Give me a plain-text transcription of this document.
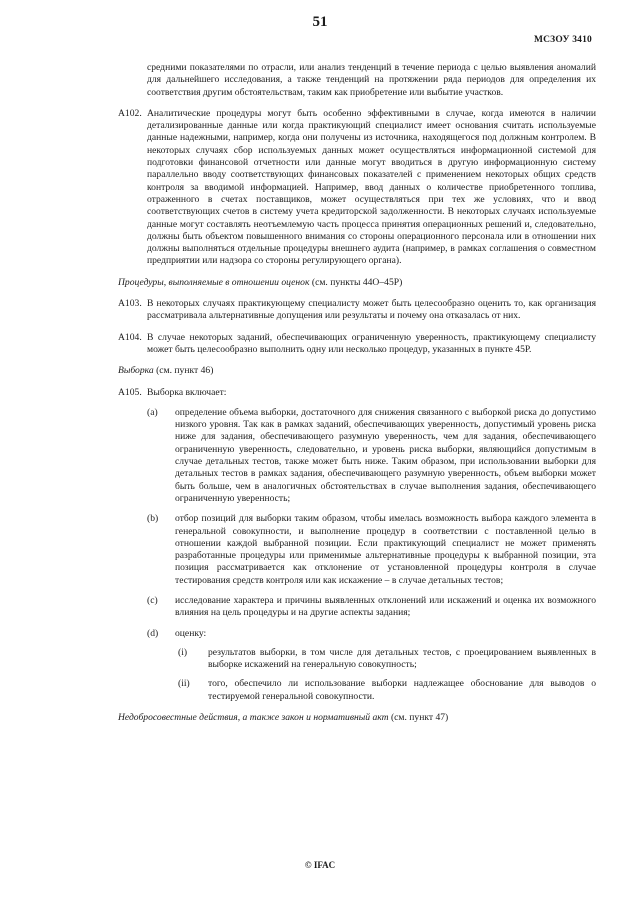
51
МСЗОУ 3410

средними показателями по отрасли, или анализ тенденций в течение периода с целью выявления аномалий для дальнейшего исследования, а также тенденций на протяжении ряда периодов для определения их соответствия другим обстоятельствам, таким как приобретение или выбытие участков.

A102. Аналитические процедуры могут быть особенно эффективными в случае, когда имеются в наличии детализированные данные или когда практикующий специалист имеет основания считать используемые данные надежными, например, когда они получены из источника, находящегося под должным контролем. В некоторых случаях сбор используемых данных может осуществляться информационной системой для подготовки финансовой отчетности или данные могут вводиться в другую информационную систему параллельно вводу соответствующих финансовых показателей с применением некоторых общих средств контроля за вводимой информацией. Например, ввод данных о количестве приобретенного топлива, отраженного в счетах поставщиков, может осуществляться при тех же условиях, что и ввод соответствующих счетов в систему учета кредиторской задолженности. В некоторых случаях используемые данные могут составлять неотъемлемую часть процесса принятия операционных решений и, следовательно, должны быть объектом повышенного внимания со стороны операционного персонала или в отношении них должны выполняться отдельные процедуры внешнего аудита (например, в рамках соглашения о совместном предприятии или надзора со стороны регулирующего органа).

Процедуры, выполняемые в отношении оценок (см. пункты 44О–45Р)

A103. В некоторых случаях практикующему специалисту может быть целесообразно оценить то, как организация рассматривала альтернативные допущения или результаты и почему она отказалась от них.

A104. В случае некоторых заданий, обеспечивающих ограниченную уверенность, практикующему специалисту может быть целесообразно выполнить одну или несколько процедур, указанных в пункте 45Р.

Выборка (см. пункт 46)

A105. Выборка включает:

(a) определение объема выборки, достаточного для снижения связанного с выборкой риска до допустимо низкого уровня. Так как в рамках заданий, обеспечивающих уверенность, допустимый уровень риска ниже для задания, обеспечивающего разумную уверенность, чем для задания, обеспечивающего ограниченную уверенность, следовательно, и уровень риска выборки, являющийся допустимым в случае детальных тестов, также может быть ниже. Таким образом, при использовании выборки для детальных тестов в рамках задания, обеспечивающего разумную уверенность, объем выборки может быть больше, чем в аналогичных обстоятельствах в случае выполнения задания, обеспечивающего ограниченную уверенность;

(b) отбор позиций для выборки таким образом, чтобы имелась возможность выбора каждого элемента в генеральной совокупности, и выполнение процедур в соответствии с поставленной целью в отношении каждой выбранной позиции. Если практикующий специалист не может применять разработанные процедуры или применимые альтернативные процедуры к выбранной позиции, эта позиция рассматривается как отклонение от установленной процедуры контроля в случае тестирования средств контроля или как искажение – в случае детальных тестов;

(c) исследование характера и причины выявленных отклонений или искажений и оценка их возможного влияния на цель процедуры и на другие аспекты задания;

(d) оценку:

(i) результатов выборки, в том числе для детальных тестов, с проецированием выявленных в выборке искажений на генеральную совокупность;

(ii) того, обеспечило ли использование выборки надлежащее обоснование для выводов о тестируемой генеральной совокупности.

Недобросовестные действия, а также закон и нормативный акт (см. пункт 47)

© IFAC
